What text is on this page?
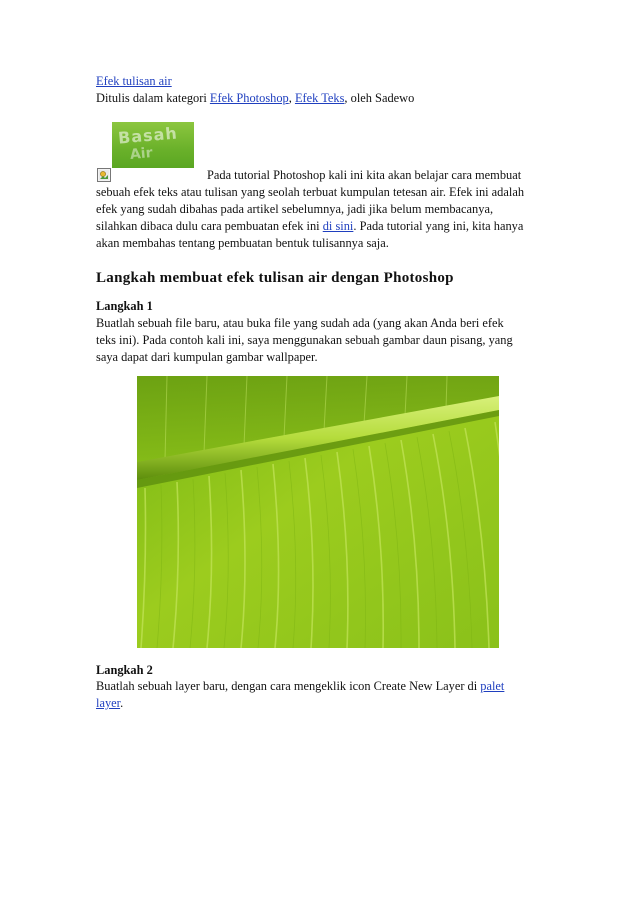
Efek tulisan air
Ditulis dalam kategori Efek Photoshop, Efek Teks, oleh Sadewo
Basah
Air
Pada tutorial Photoshop kali ini kita akan belajar cara membuat
sebuah efek teks atau tulisan yang seolah terbuat kumpulan tetesan air. Efek ini adalah
efek yang sudah dibahas pada artikel sebelumnya, jadi jika belum membacanya,
silahkan dibaca dulu cara pembuatan efek ini di sini. Pada tutorial yang ini, kita hanya
akan membahas tentang pembuatan bentuk tulisannya saja.
Langkah membuat efek tulisan air dengan Photoshop
Langkah 1
Buatlah sebuah file baru, atau buka file yang sudah ada (yang akan Anda beri efek
teks ini). Pada contoh kali ini, saya menggunakan sebuah gambar daun pisang, yang
saya dapat dari kumpulan gambar wallpaper.
Langkah 2
Buatlah sebuah layer baru, dengan cara mengeklik icon Create New Layer di palet
layer.
